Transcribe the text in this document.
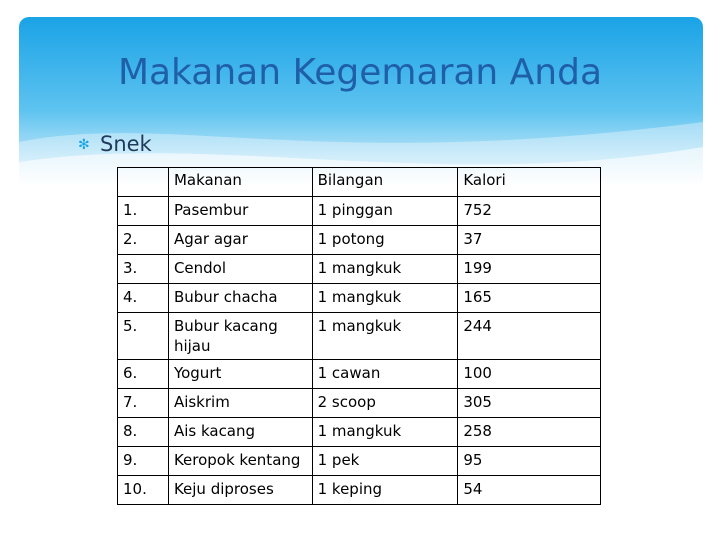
Makanan Kegemaran Anda
✻ Snek
	Makanan	Bilangan	Kalori
1.	Pasembur	1 pinggan	752
2.	Agar agar	1 potong	37
3.	Cendol	1 mangkuk	199
4.	Bubur chacha	1 mangkuk	165
5.	Bubur kacang hijau	1 mangkuk	244
6.	Yogurt	1 cawan	100
7.	Aiskrim	2 scoop	305
8.	Ais kacang	1 mangkuk	258
9.	Keropok kentang	1 pek	95
10.	Keju diproses	1 keping	54
